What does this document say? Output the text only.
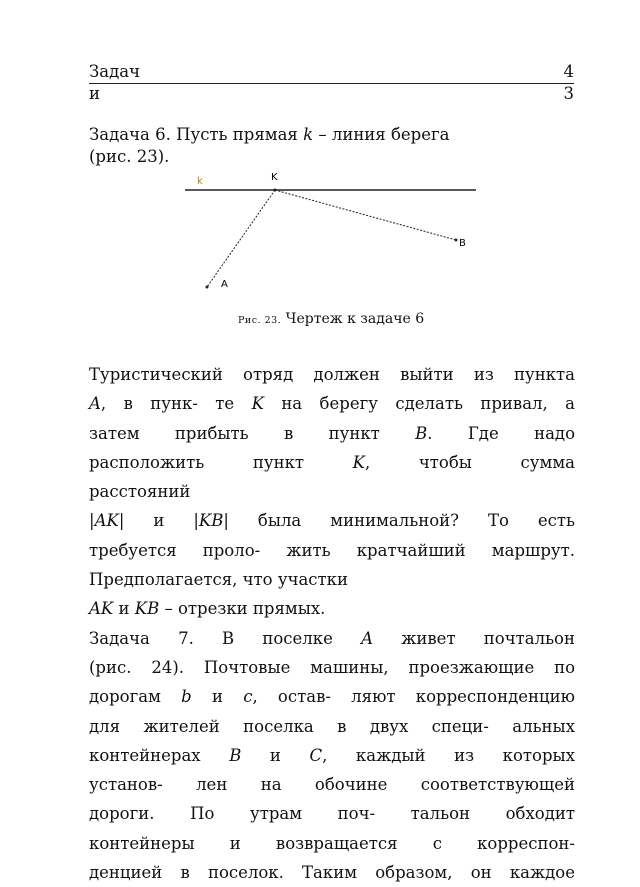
Задач	4
и	3
Задача 6. Пусть прямая k – линия берега
(рис. 23).
k	K
B
A
Рис. 23. Чертеж к задаче 6
Туристический отряд должен выйти из пункта
A, в пунк- те K на берегу сделать привал, а
затем прибыть в пункт B. Где надо
расположить пункт K, чтобы сумма
расстояний
|AK| и |KB| была минимальной? То есть
требуется проло- жить кратчайший маршрут.
Предполагается, что участки
AK и KB – отрезки прямых.
Задача 7. В поселке A живет почтальон
(рис. 24). Почтовые машины, проезжающие по
дорогам b и c, остав- ляют корреспонденцию
для жителей поселка в двух специ- альных
контейнерах B и C, каждый из которых
установ- лен на обочине соответствующей
дороги. По утрам поч- тальон обходит
контейнеры и возвращается с корреспон-
денцией в поселок. Таким образом, он каждое
